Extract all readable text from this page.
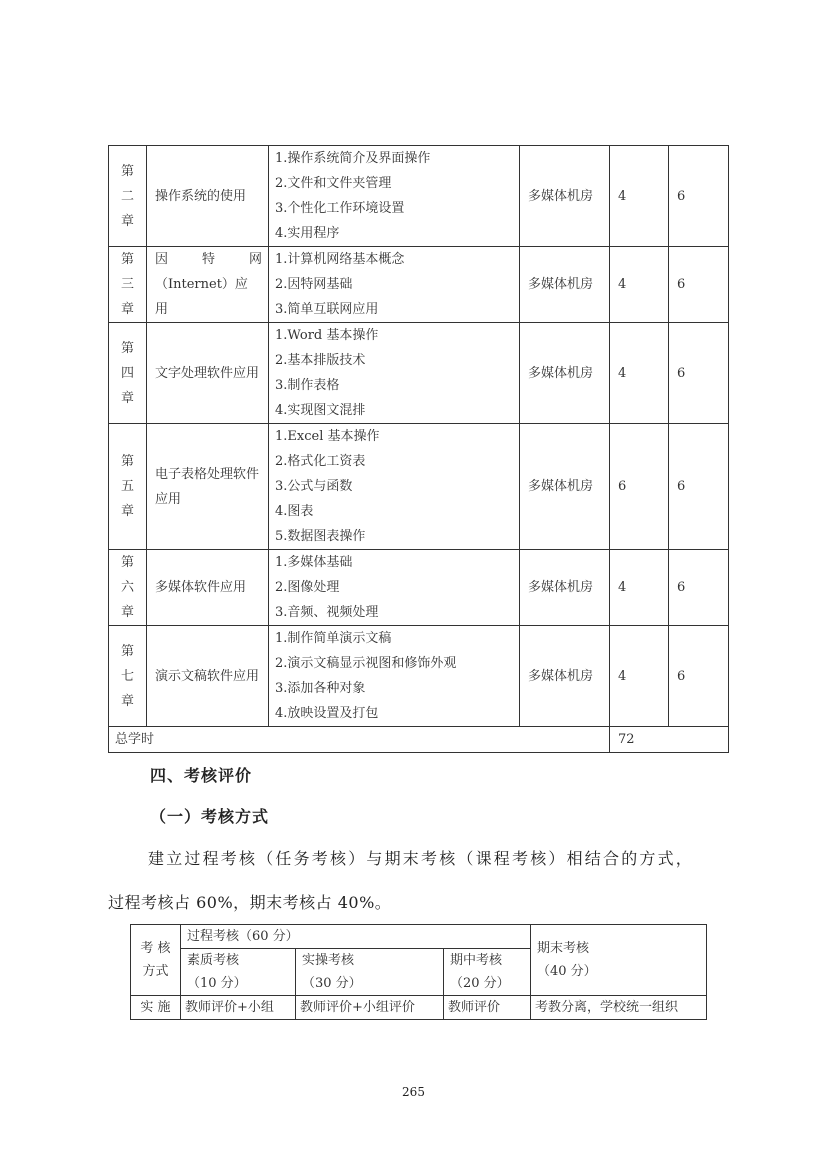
第
二
章	操作系统的使用	1.操作系统简介及界面操作
2.文件和文件夹管理
3.个性化工作环境设置
4.实用程序	多媒体机房	4	6

第
三
章	因　特　网
（Internet）应
用	1.计算机网络基本概念
2.因特网基础
3.简单互联网应用	多媒体机房	4	6

第
四
章	文字处理软件应用	1.Word 基本操作
2.基本排版技术
3.制作表格
4.实现图文混排	多媒体机房	4	6

第
五
章	电子表格处理软件应用	1.Excel 基本操作
2.格式化工资表
3.公式与函数
4.图表
5.数据图表操作	多媒体机房	6	6

第
六
章	多媒体软件应用	1.多媒体基础
2.图像处理
3.音频、视频处理	多媒体机房	4	6

第
七
章	演示文稿软件应用	1.制作简单演示文稿
2.演示文稿显示视图和修饰外观
3.添加各种对象
4.放映设置及打包	多媒体机房	4	6
总学时				72	
四、考核评价
（一）考核方式
建立过程考核（任务考核）与期末考核（课程考核）相结合的方式，
过程考核占 60%，期末考核占 40%。
考 核
方式	过程考核（60 分）			期末考核
（40 分）

	素质考核
（10 分）	实操考核
（30 分）	期中考核
（20 分）	

实 施	教师评价+小组	教师评价+小组评价	教师评价	考教分离，学校统一组织
265
